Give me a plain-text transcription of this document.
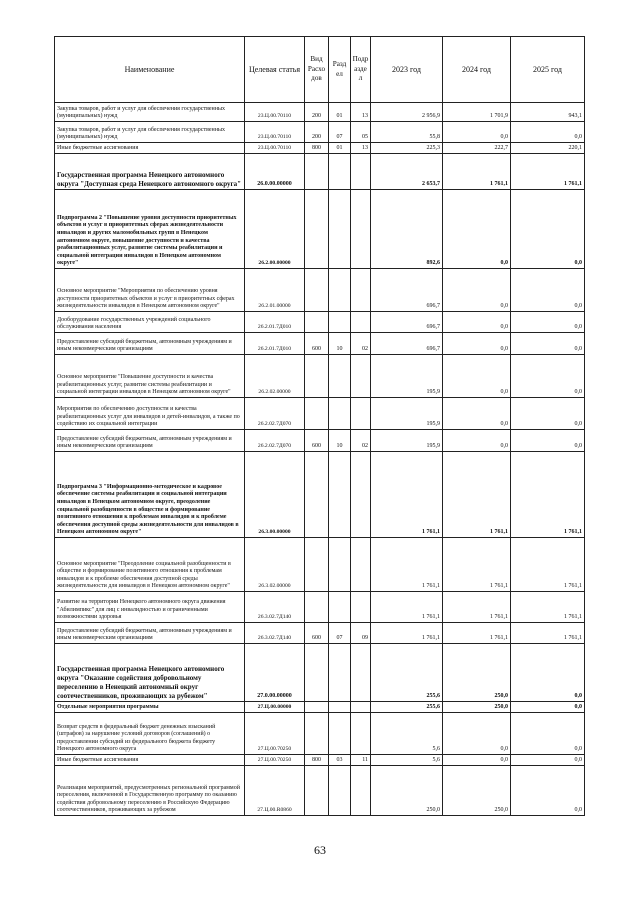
Наименование	Целевая статья	Вид Расхо дов	Разд ел	Подр азде л	2023 год	2024 год	2025 год
Закупка товаров, работ и услуг для обеспечения государственных (муниципальных) нужд	23.Ц.00.70110	200	01	13	2 956,9	1 701,9	943,1
Закупка товаров, работ и услуг для обеспечения государственных (муниципальных) нужд	23.Ц.00.70110	200	07	05	55,8	0,0	0,0
Иные бюджетные ассигнования	23.Ц.00.70110	800	01	13	225,3	222,7	220,1
Государственная программа Ненецкого автономного округа "Доступная среда Ненецкого автономного округа"	26.0.00.00000				2 653,7	1 761,1	1 761,1
Подпрограмма 2 "Повышение уровня доступности приоритетных объектов и услуг в приоритетных сферах жизнедеятельности инвалидов и других маломобильных групп в Ненецком автономном округе, повышение доступности и качества реабилитационных услуг, развитие системы реабилитации и социальной интеграции инвалидов в Ненецком автономном округе"	26.2.00.00000				892,6	0,0	0,0
Основное мероприятие "Мероприятия по обеспечению уровня доступности приоритетных объектов и услуг в приоритетных сферах жизнедеятельности инвалидов в Ненецком автономном округе"	26.2.01.00000				696,7	0,0	0,0
Дооборудование государственных учреждений социального обслуживания населения	26.2.01.7Д010				696,7	0,0	0,0
Предоставление субсидий бюджетным, автономным учреждениям и иным некоммерческим организациям	26.2.01.7Д010	600	10	02	696,7	0,0	0,0
Основное мероприятие "Повышение доступности и качества реабилитационных услуг, развитие системы реабилитации и социальной интеграции инвалидов в Ненецком автономном округе"	26.2.02.00000				195,9	0,0	0,0
Мероприятия по обеспечению доступности и качества реабилитационных услуг для инвалидов и детей-инвалидов, а также по содействию их социальной интеграции	26.2.02.7Д070				195,9	0,0	0,0
Предоставление субсидий бюджетным, автономным учреждениям и иным некоммерческим организациям	26.2.02.7Д070	600	10	02	195,9	0,0	0,0
Подпрограмма 3 "Информационно-методическое и кадровое обеспечение системы реабилитации и социальной интеграции инвалидов в Ненецком автономном округе, преодоление социальной разобщенности в обществе и формирование позитивного отношения к проблемам инвалидов и к проблеме обеспечения доступной среды жизнедеятельности для инвалидов в Ненецком автономном округе"	26.3.00.00000				1 761,1	1 761,1	1 761,1
Основное мероприятие "Преодоление социальной разобщенности в обществе и формирование позитивного отношения к проблемам инвалидов и к проблеме обеспечения доступной среды жизнедеятельности для инвалидов в Ненецком автономном округе"	26.3.02.00000				1 761,1	1 761,1	1 761,1
Развитие на территории Ненецкого автономного округа движения "Абилимпикс" для лиц с инвалидностью и ограниченными возможностями здоровья	26.3.02.7Д140				1 761,1	1 761,1	1 761,1
Предоставление субсидий бюджетным, автономным учреждениям и иным некоммерческим организациям	26.3.02.7Д140	600	07	09	1 761,1	1 761,1	1 761,1
Государственная программа Ненецкого автономного округа "Оказание содействия добровольному переселению в Ненецкий автономный округ соотечественников, проживающих за рубежом"	27.0.00.00000				255,6	250,0	0,0
Отдельные мероприятия программы	27.Ц.00.00000				255,6	250,0	0,0
Возврат средств в федеральный бюджет денежных взысканий (штрафов) за нарушение условий договоров (соглашений) о предоставлении субсидий из федерального бюджета бюджету Ненецкого автономного округа	27.Ц.00.70250				5,6	0,0	0,0
Иные бюджетные ассигнования	27.Ц.00.70250	800	03	11	5,6	0,0	0,0
Реализация мероприятий, предусмотренных региональной программой переселения, включенной в Государственную программу по оказанию содействия добровольному переселению в Российскую Федерацию соотечественников, проживающих за рубежом	27.Ц.00.R0860				250,0	250,0	0,0
63
